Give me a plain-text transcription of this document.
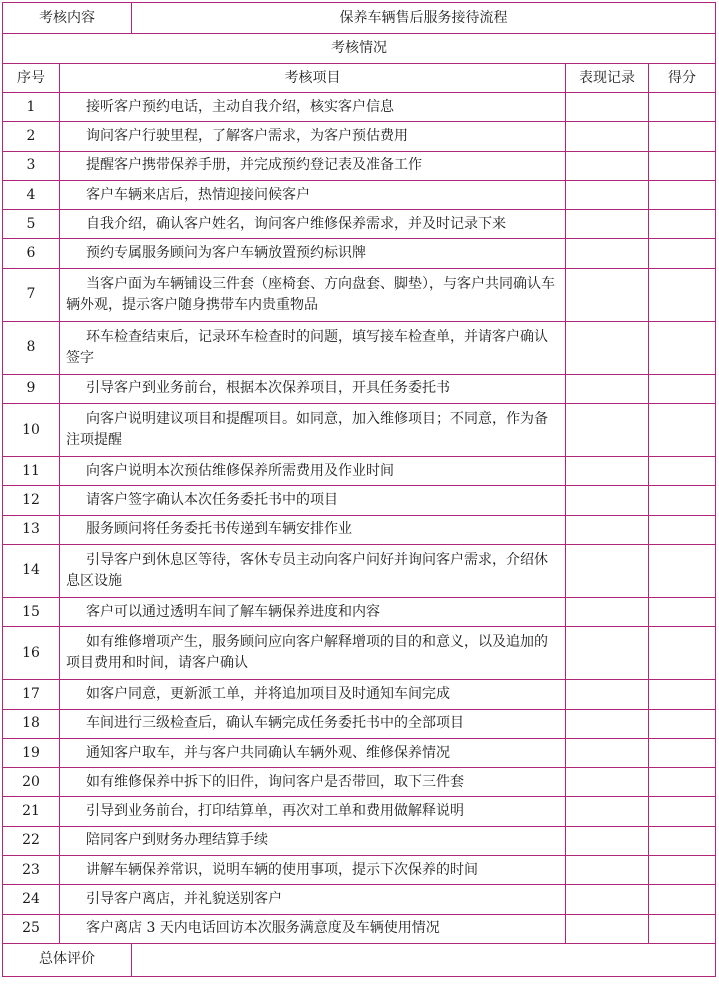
考核内容		保养车辆售后服务接待流程		
考核情况				
序号	考核项目		表现记录	得分
1	接听客户预约电话，主动自我介绍，核实客户信息			
2	询问客户行驶里程，了解客户需求，为客户预估费用			
3	提醒客户携带保养手册，并完成预约登记表及准备工作			
4	客户车辆来店后，热情迎接问候客户			
5	自我介绍，确认客户姓名，询问客户维修保养需求，并及时记录下来			
6	预约专属服务顾问为客户车辆放置预约标识牌			
7	当客户面为车辆铺设三件套（座椅套、方向盘套、脚垫），与客户共同确认车辆外观，提示客户随身携带车内贵重物品			
8	环车检查结束后，记录环车检查时的问题，填写接车检查单，并请客户确认签字			
9	引导客户到业务前台，根据本次保养项目，开具任务委托书			
10	向客户说明建议项目和提醒项目。如同意，加入维修项目；不同意，作为备注项提醒			
11	向客户说明本次预估维修保养所需费用及作业时间			
12	请客户签字确认本次任务委托书中的项目			
13	服务顾问将任务委托书传递到车辆安排作业			
14	引导客户到休息区等待，客休专员主动向客户问好并询问客户需求，介绍休息区设施			
15	客户可以通过透明车间了解车辆保养进度和内容			
16	如有维修增项产生，服务顾问应向客户解释增项的目的和意义，以及追加的项目费用和时间，请客户确认			
17	如客户同意，更新派工单，并将追加项目及时通知车间完成			
18	车间进行三级检查后，确认车辆完成任务委托书中的全部项目			
19	通知客户取车，并与客户共同确认车辆外观、维修保养情况			
20	如有维修保养中拆下的旧件，询问客户是否带回，取下三件套			
21	引导到业务前台，打印结算单，再次对工单和费用做解释说明			
22	陪同客户到财务办理结算手续			
23	讲解车辆保养常识，说明车辆的使用事项，提示下次保养的时间			
24	引导客户离店，并礼貌送别客户			
25	客户离店 3 天内电话回访本次服务满意度及车辆使用情况			
总体评价				
